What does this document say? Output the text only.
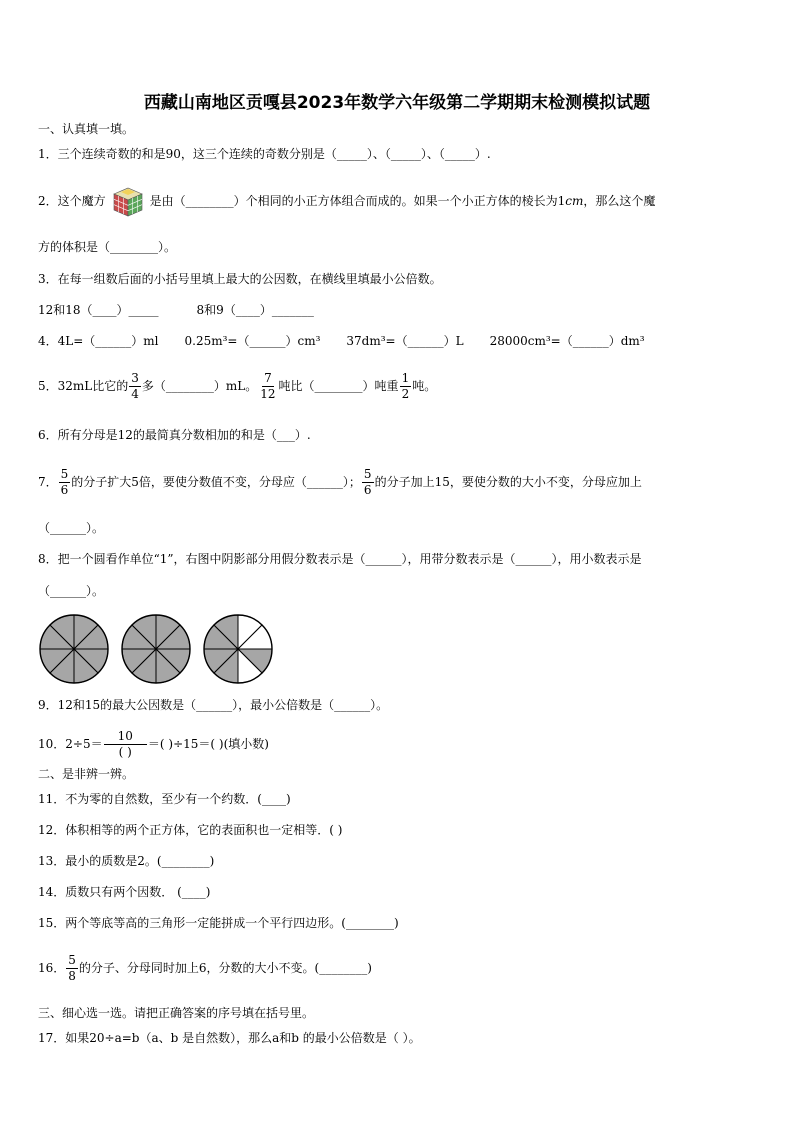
西藏山南地区贡嘎县2023年数学六年级第二学期期末检测模拟试题
一、认真填一填。
1．三个连续奇数的和是90，这三个连续的奇数分别是（_____）、（_____）、（_____）.
2．这个魔方	是由（________）个相同的小正方体组合而成的。如果一个小正方体的棱长为1cm，那么这个魔
方的体积是（________）。
3．在每一组数后面的小括号里填上最大的公因数，在横线里填最小公倍数。
12和18（____）_____	8和9（____）_______
4．4L=（______）ml 0.25m³=（______）cm³ 37dm³=（______）L 28000cm³=（______）dm³
5．32mL比它的 $\frac{3}{4}$ 多（________）mL。 $\frac{7}{12}$ 吨比（________）吨重 $\frac{1}{2}$ 吨。
6．所有分母是12的最简真分数相加的和是（___）.
7． $\frac{5}{6}$ 的分子扩大5倍，要使分数值不变，分母应（______）； $\frac{5}{6}$ 的分子加上15，要使分数的大小不变，分母应加上
（______）。
8．把一个圆看作单位“1”，右图中阴影部分用假分数表示是（______），用带分数表示是（______），用小数表示是
（______）。
9．12和15的最大公因数是（______），最小公倍数是（______）。
10．$2\div 5= \frac{10}{( )}$ ＝( )÷15＝( )(填小数)
二、是非辨一辨。
11．不为零的自然数，至少有一个约数．(____)
12．体积相等的两个正方体，它的表面积也一定相等．( )
13．最小的质数是2。(________)
14．质数只有两个因数． (____)
15．两个等底等高的三角形一定能拼成一个平行四边形。(________)
16． $\frac{5}{8}$ 的分子、分母同时加上6，分数的大小不变。(________)
三、细心选一选。请把正确答案的序号填在括号里。
17．如果20÷a=b（a、b 是自然数），那么a和b 的最小公倍数是（ ）。
